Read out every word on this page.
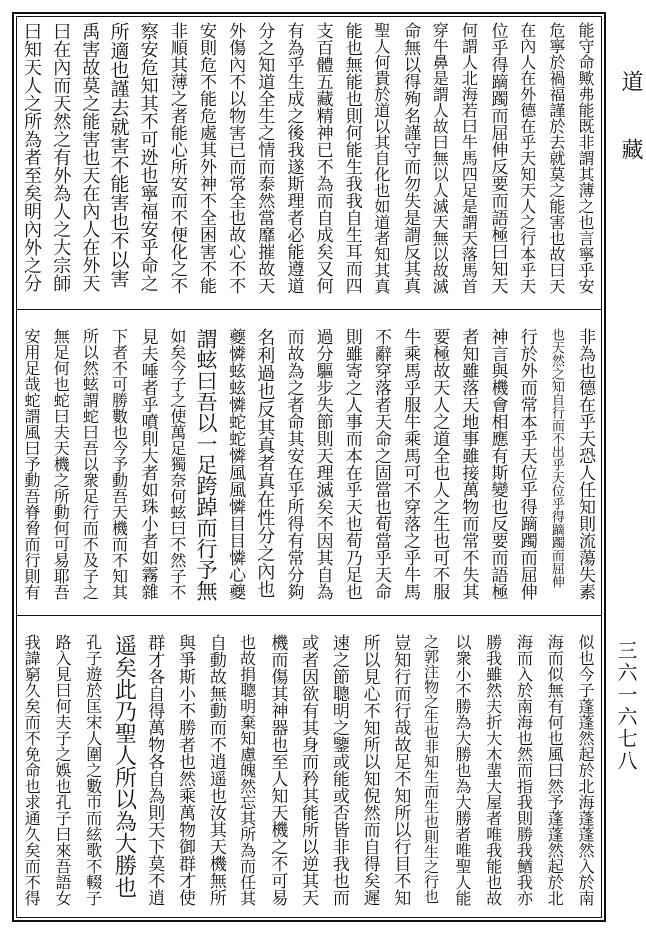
能守命歟弗能既非謂其薄之也言寧乎安
危寧於禍福謹於去就莫之能害也故曰天
在內人在外德在乎天知天人之行本乎天
位乎得蹢躅而屈伸反要而語極曰知天
何謂人北海若曰牛馬四足是謂天落馬首
穿牛鼻是謂人故曰無以人滅天無以故滅
命無以得殉名謹守而勿失是謂反其真
聖人何貴於道以其自化也如道者知其真
能也無能也則何能生我我自生耳而四
支百體五藏精神已不為而自成矣又何
有為乎生成之後我遂斯理者必能遵道
分之知道全生之情而泰然當靡摧故天
外傷內不以物害已而常全也故心不不
安則危不能危處其外神不全困害不能
非順其薄之者能心所安而不便化之不
察安危知其不可迯也寧福安乎命之
所適也謹去就害不能害也不以害
禹害故莫之能害也天在內人在外天
曰在內而天然之有外為人之大宗師
曰知天人之所為者至矣明內外之分
非為也德在乎天恐人任知則流蕩失素
也天然之知自行而不出乎天位乎得蹢躅而屈伸
行於外而常本乎天位乎得蹢躅而屈伸
神言與機會相應有斯變也反要而語極
者知雖落天地事雖接萬物而常不失其
要極故天人之道全也人之生也可不服
牛乘馬乎服牛乘馬可不穿落之乎牛馬
不辭穿落者天命之固當也荀當乎天命
則雖寄之人事而本在乎天也荀乃足也
過分驅步失節則天理滅矣不因其自為
而故為之者命其安在乎所得有常分夠
名利過也反其真者真在性分之內也
夔憐蚿蚿憐蛇蛇憐風風憐目目憐心夔
謂蚿曰吾以一足跨踔而行予無
如矣今子之使萬足獨奈何蚿曰不然子不
見夫唾者乎噴則大者如珠小者如霧雜
下者不可勝數也今予動吾天機而不知其
所以然蚿謂蛇曰吾以衆足行而不及子之
無足何也蛇曰夫天機之所動何可易耶吾
安用足哉蛇謂風曰予動吾脊脅而行則有
似也今子蓬蓬然起於北海蓬蓬然入於南
海而似無有何也風曰然予蓬蓬然起於北
海而入於南海也然而指我則勝我鰌我亦
勝我雖然夫折大木蜚大屋者唯我能也故
以衆小不勝為大勝也為大勝者唯聖人能
之郭注物之生也非知生而生也則生之行也
豈知行而行哉故足不知所以行目不知
所以見心不知所以知倪然而自得矣遲
速之節聰明之鑒或能或否皆非我也而
或者因欲有其身而矜其能所以逆其天
機而傷其神器也至人知天機之不可易
也故捐聰明棄知慮魄然忘其所為而任其
自動故無動而不逍遥也汝其天機無所
與爭斯小不勝者也然乘萬物御群才使
群才各自得萬物各自為則天下莫不逍
遥矣此乃聖人所以為大勝也
孔子遊於匡宋人圍之數帀而絃歌不輟子
路入見曰何夫子之娛也孔子曰來吾語女
我諱窮久矣而不免命也求通久矣而不得
道　藏
三六一六七八
